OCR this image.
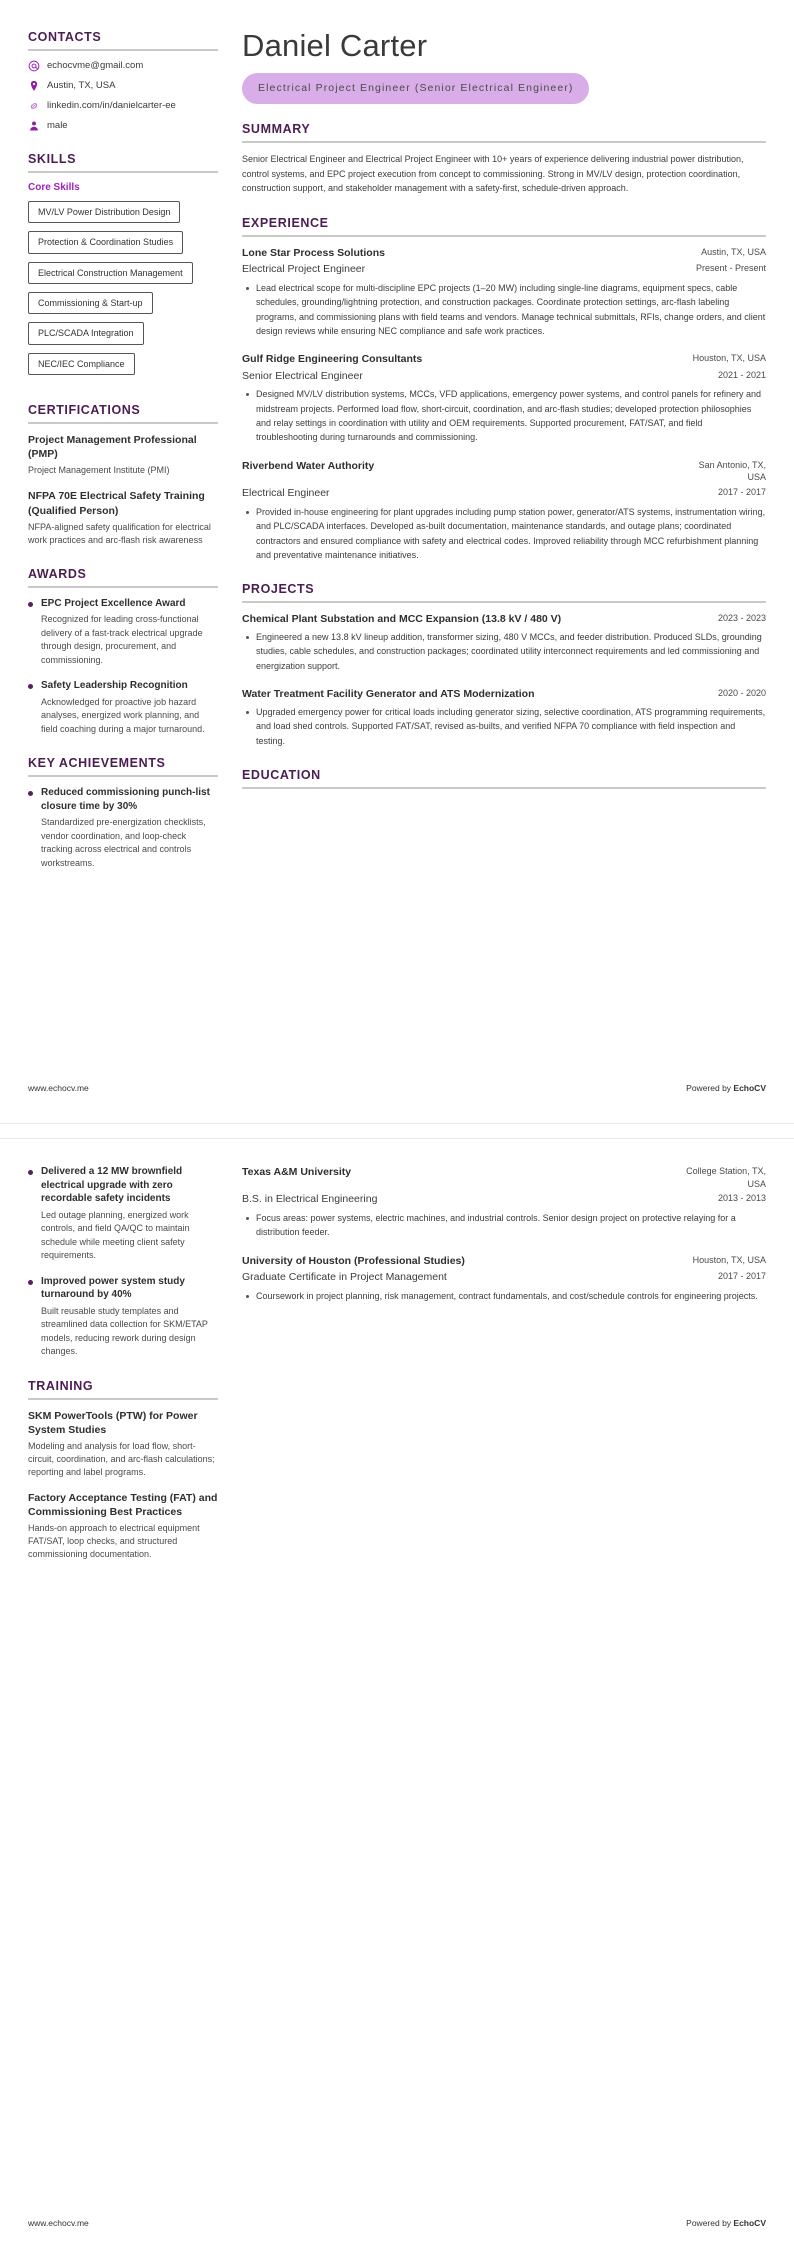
CONTACTS
echocvme@gmail.com
Austin, TX, USA
linkedin.com/in/danielcarter-ee
male
SKILLS
Core Skills
MV/LV Power Distribution Design
Protection & Coordination Studies
Electrical Construction Management
Commissioning & Start-up
PLC/SCADA Integration
NEC/IEC Compliance
CERTIFICATIONS

Project Management Professional (PMP)

Project Management Institute (PMI)

NFPA 70E Electrical Safety Training (Qualified Person)

NFPA-aligned safety qualification for electrical work practices and arc-flash risk awareness

AWARDS

EPC Project Excellence Award

Recognized for leading cross-functional delivery of a fast-track electrical upgrade through design, procurement, and commissioning.

Safety Leadership Recognition

Acknowledged for proactive job hazard analyses, energized work planning, and field coaching during a major turnaround.

KEY ACHIEVEMENTS

Reduced commissioning punch-list closure time by 30%

Standardized pre-energization checklists, vendor coordination, and loop-check tracking across electrical and controls workstreams.

Daniel Carter
Electrical Project Engineer (Senior Electrical Engineer)
SUMMARY

Senior Electrical Engineer and Electrical Project Engineer with 10+ years of experience delivering industrial power distribution, control systems, and EPC project execution from concept to commissioning. Strong in MV/LV design, protection coordination, construction support, and stakeholder management with a safety-first, schedule-driven approach.

EXPERIENCE
Lone Star Process Solutions	Austin, TX, USA
Electrical Project Engineer	Present - Present

Lead electrical scope for multi-discipline EPC projects (1–20 MW) including single-line diagrams, equipment specs, cable schedules, grounding/lightning protection, and construction packages. Coordinate protection settings, arc-flash labeling programs, and commissioning plans with field teams and vendors. Manage technical submittals, RFIs, change orders, and client design reviews while ensuring NEC compliance and safe work practices.

Gulf Ridge Engineering Consultants	Houston, TX, USA
Senior Electrical Engineer	2021 - 2021

Designed MV/LV distribution systems, MCCs, VFD applications, emergency power systems, and control panels for refinery and midstream projects. Performed load flow, short-circuit, coordination, and arc-flash studies; developed protection philosophies and relay settings in coordination with utility and OEM requirements. Supported procurement, FAT/SAT, and field troubleshooting during turnarounds and commissioning.

Riverbend Water Authority	San Antonio, TX, USA
Electrical Engineer	2017 - 2017

Provided in-house engineering for plant upgrades including pump station power, generator/ATS systems, instrumentation wiring, and PLC/SCADA interfaces. Developed as-built documentation, maintenance standards, and outage plans; coordinated contractors and ensured compliance with safety and electrical codes. Improved reliability through MCC refurbishment planning and preventative maintenance initiatives.

PROJECTS
Chemical Plant Substation and MCC Expansion (13.8 kV / 480 V)	2023 - 2023

Engineered a new 13.8 kV lineup addition, transformer sizing, 480 V MCCs, and feeder distribution. Produced SLDs, grounding studies, cable schedules, and construction packages; coordinated utility interconnect requirements and led commissioning and energization support.

Water Treatment Facility Generator and ATS Modernization	2020 - 2020

Upgraded emergency power for critical loads including generator sizing, selective coordination, ATS programming requirements, and load shed controls. Supported FAT/SAT, revised as-builts, and verified NFPA 70 compliance with field inspection and testing.

EDUCATION
www.echocv.me	Powered by EchoCV

Delivered a 12 MW brownfield electrical upgrade with zero recordable safety incidents

Led outage planning, energized work controls, and field QA/QC to maintain schedule while meeting client safety requirements.

Improved power system study turnaround by 40%

Built reusable study templates and streamlined data collection for SKM/ETAP models, reducing rework during design changes.

TRAINING

SKM PowerTools (PTW) for Power System Studies

Modeling and analysis for load flow, short-circuit, coordination, and arc-flash calculations; reporting and label programs.

Factory Acceptance Testing (FAT) and Commissioning Best Practices

Hands-on approach to electrical equipment FAT/SAT, loop checks, and structured commissioning documentation.

Texas A&M University	College Station, TX, USA
B.S. in Electrical Engineering	2013 - 2013

Focus areas: power systems, electric machines, and industrial controls. Senior design project on protective relaying for a distribution feeder.

University of Houston (Professional Studies)	Houston, TX, USA
Graduate Certificate in Project Management	2017 - 2017

Coursework in project planning, risk management, contract fundamentals, and cost/schedule controls for engineering projects.

www.echocv.me	Powered by EchoCV
